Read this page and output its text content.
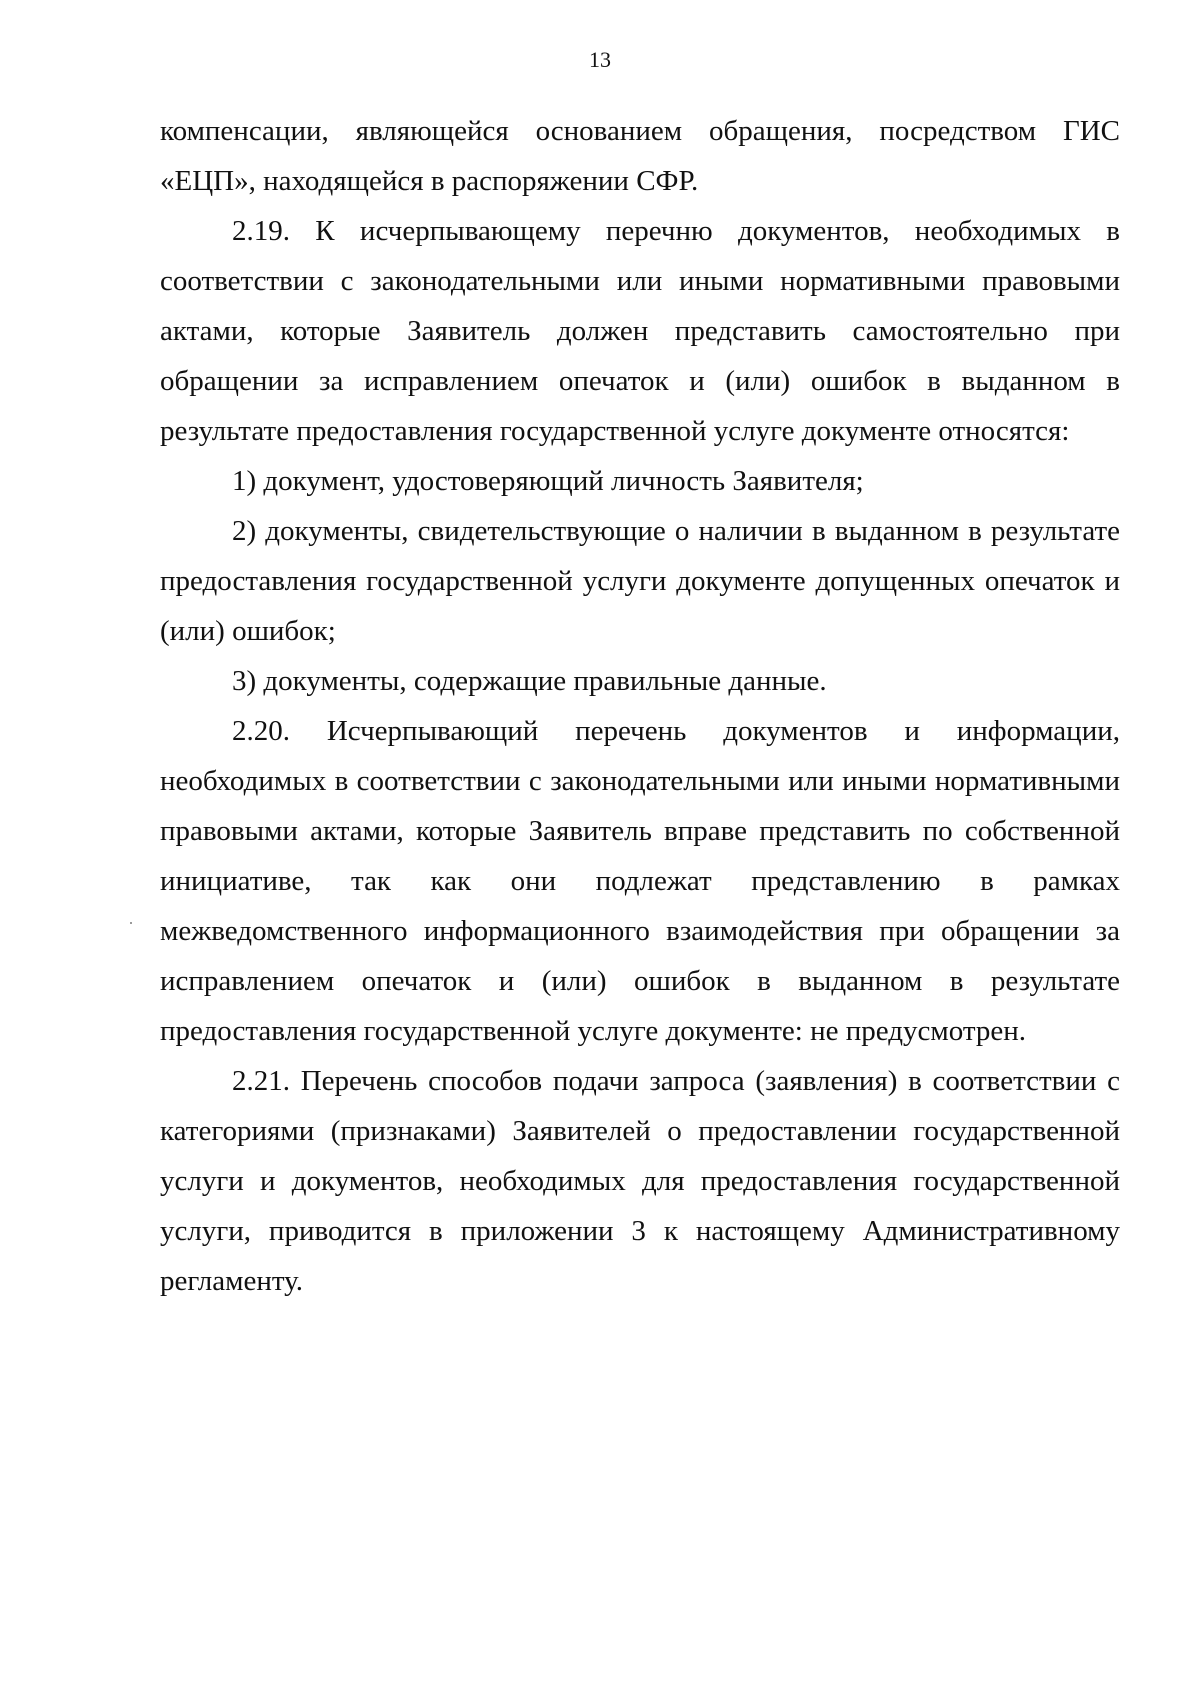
13

компенсации, являющейся основанием обращения, посредством ГИС «ЕЦП», находящейся в распоряжении СФР.

2.19. К исчерпывающему перечню документов, необходимых в соответствии с законодательными или иными нормативными правовыми актами, которые Заявитель должен представить самостоятельно при обращении за исправлением опечаток и (или) ошибок в выданном в результате предоставления государственной услуге документе относятся:

1) документ, удостоверяющий личность Заявителя;

2) документы, свидетельствующие о наличии в выданном в результате предоставления государственной услуги документе допущенных опечаток и (или) ошибок;

3) документы, содержащие правильные данные.

2.20. Исчерпывающий перечень документов и информации, необходимых в соответствии с законодательными или иными нормативными правовыми актами, которые Заявитель вправе представить по собственной инициативе, так как они подлежат представлению в рамках межведомственного информационного взаимодействия при обращении за исправлением опечаток и (или) ошибок в выданном в результате предоставления государственной услуге документе: не предусмотрен.

2.21. Перечень способов подачи запроса (заявления) в соответствии с категориями (признаками) Заявителей о предоставлении государственной услуги и документов, необходимых для предоставления государственной услуги, приводится в приложении 3 к настоящему Административному регламенту.
